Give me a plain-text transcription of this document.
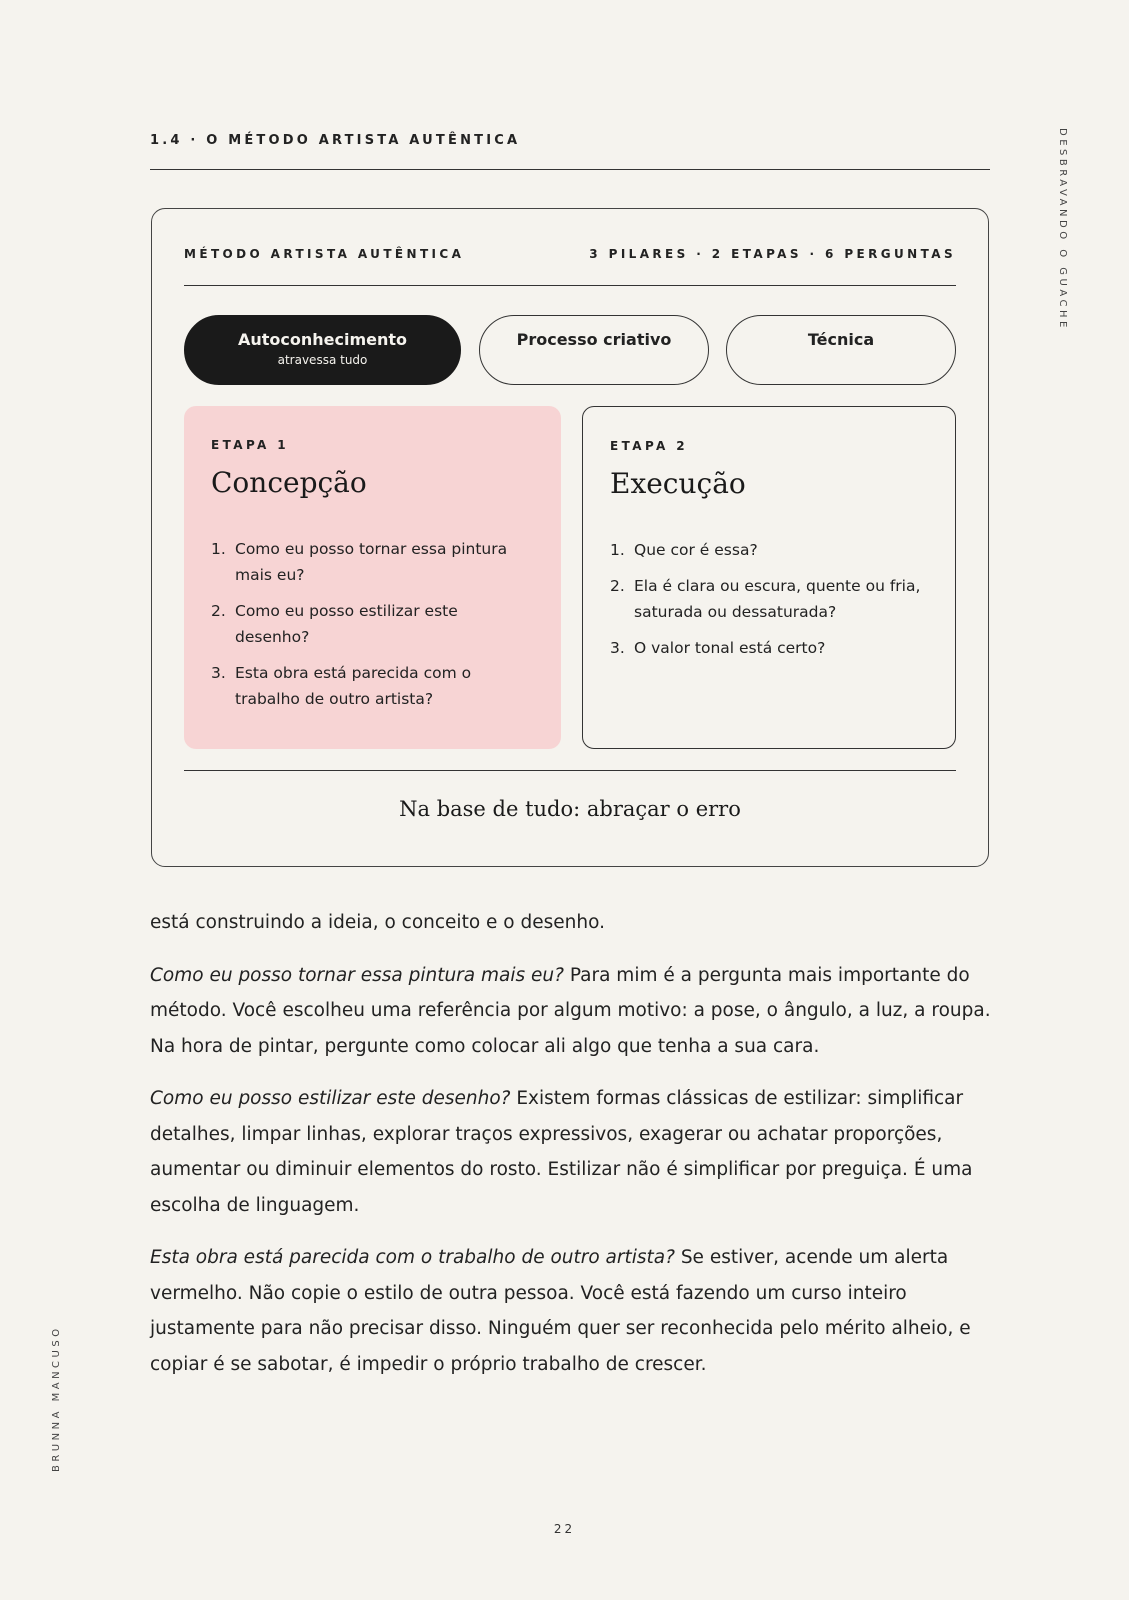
1.4 · O MÉTODO ARTISTA AUTÊNTICA	DESBRAVANDO O GUACHE
BRUNNA MANCUSO
MÉTODO ARTISTA AUTÊNTICA	3 PILARES · 2 ETAPAS · 6 PERGUNTAS
Autoconhecimento
atravessa tudo
Processo criativo	Técnica
ETAPA 1
Concepção
1. Como eu posso tornar essa pintura mais eu?
2. Como eu posso estilizar este desenho?
3. Esta obra está parecida com o trabalho de outro artista?
ETAPA 2
Execução
1. Que cor é essa?
2. Ela é clara ou escura, quente ou fria, saturada ou dessaturada?
3. O valor tonal está certo?
Na base de tudo: abraçar o erro

está construindo a ideia, o conceito e o desenho.

Como eu posso tornar essa pintura mais eu? Para mim é a pergunta mais importante do método. Você escolheu uma referência por algum motivo: a pose, o ângulo, a luz, a roupa. Na hora de pintar, pergunte como colocar ali algo que tenha a sua cara.

Como eu posso estilizar este desenho? Existem formas clássicas de estilizar: simplificar detalhes, limpar linhas, explorar traços expressivos, exagerar ou achatar proporções, aumentar ou diminuir elementos do rosto. Estilizar não é simplificar por preguiça. É uma escolha de linguagem.

Esta obra está parecida com o trabalho de outro artista? Se estiver, acende um alerta vermelho. Não copie o estilo de outra pessoa. Você está fazendo um curso inteiro justamente para não precisar disso. Ninguém quer ser reconhecida pelo mérito alheio, e copiar é se sabotar, é impedir o próprio trabalho de crescer.

22
